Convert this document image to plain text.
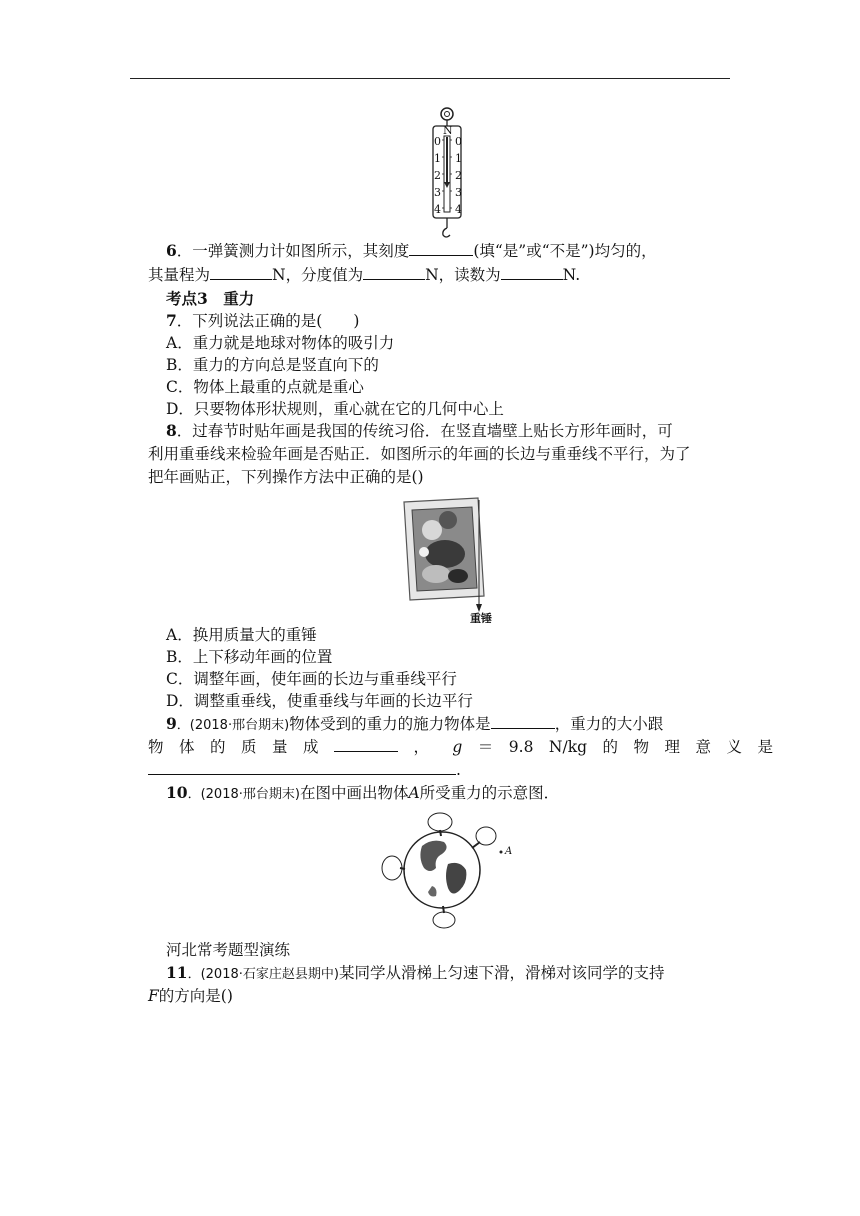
N
0 0
1 1
2 2
3 3
4 4
6．一弹簧测力计如图所示，其刻度	(填“是”或“不是”)均匀的，
其量程为	N，分度值为	N，读数为	N.
考点3　重力
7．下列说法正确的是(　　)
A．重力就是地球对物体的吸引力
B．重力的方向总是竖直向下的
C．物体上最重的点就是重心
D．只要物体形状规则，重心就在它的几何中心上
8．过春节时贴年画是我国的传统习俗．在竖直墙壁上贴长方形年画时，可
利用重垂线来检验年画是否贴正．如图所示的年画的长边与重垂线不平行，为了
把年画贴正，下列操作方法中正确的是()
重锤
A．换用质量大的重锤
B．上下移动年画的位置
C．调整年画，使年画的长边与重垂线平行
D．调整重垂线，使重垂线与年画的长边平行
9．(2018·邢台期末)物体受到的重力的施力物体是	，重力的大小跟
物　体　的　质　量　成　　	，　　 g　 ＝　9.8　N/kg　的　物　理　意　义　是
.
10．(2018·邢台期末)在图中画出物体A所受重力的示意图．
A
河北常考题型演练
11．(2018·石家庄赵县期中)某同学从滑梯上匀速下滑，滑梯对该同学的支持
F的方向是()
